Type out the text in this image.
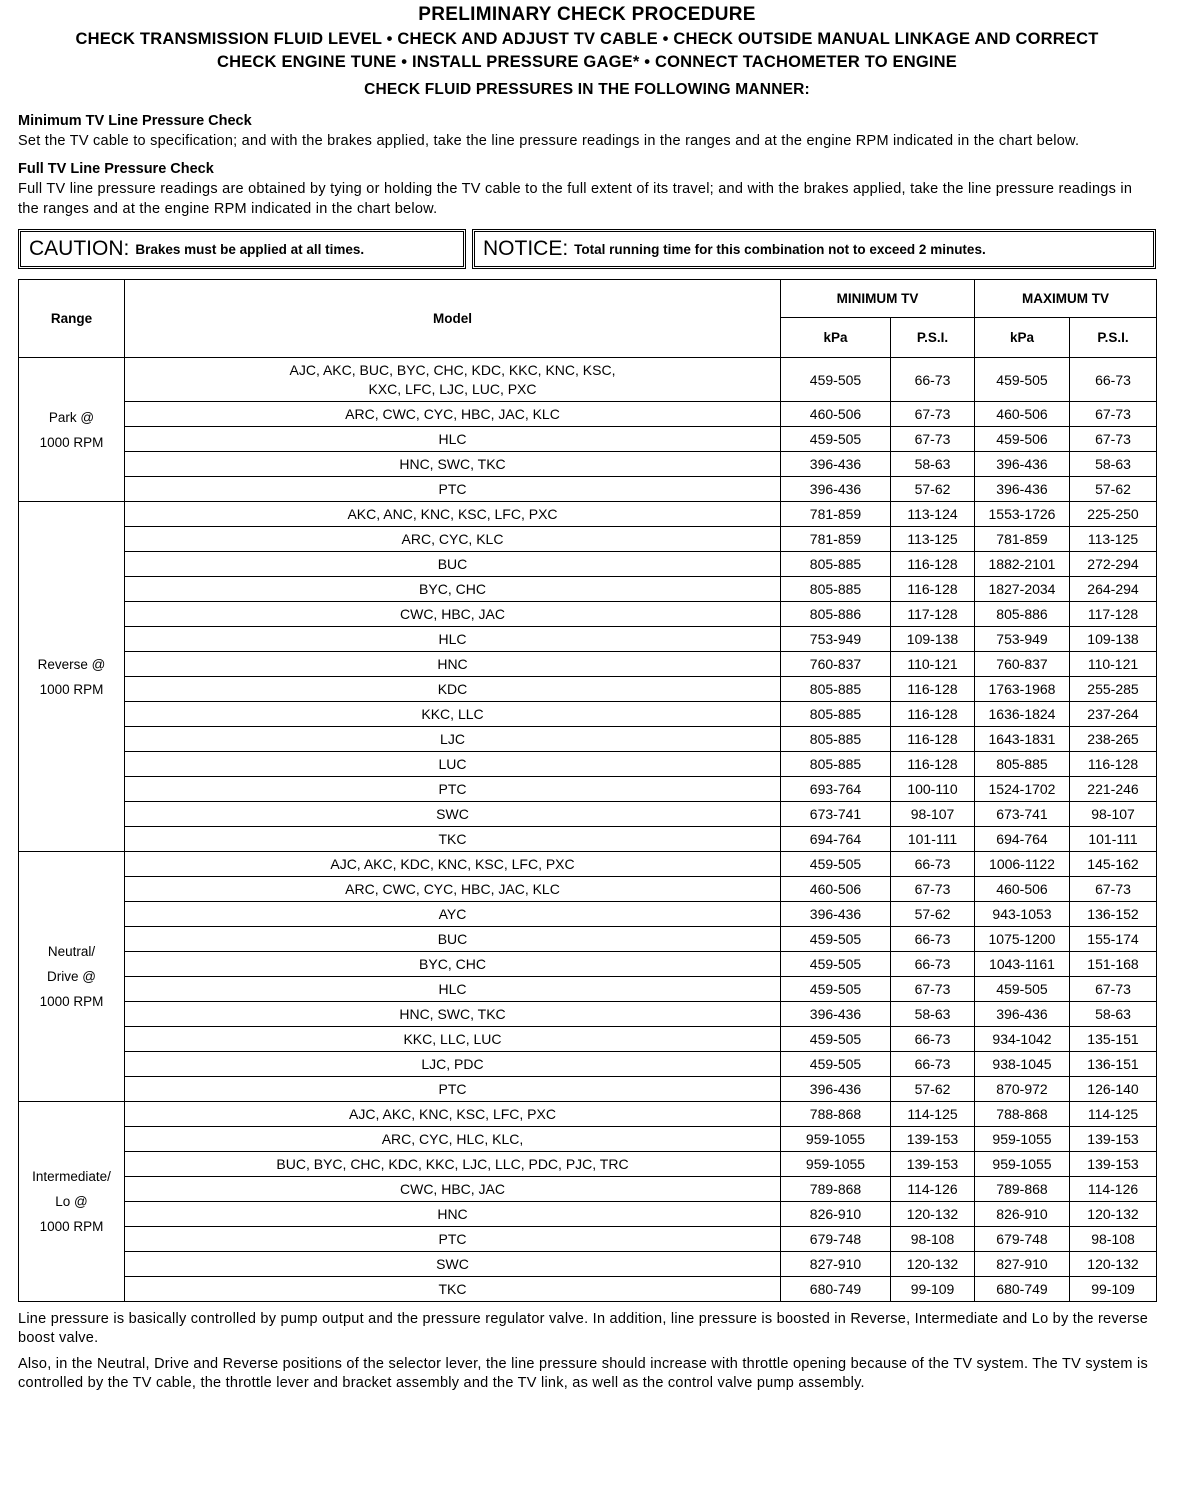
PRELIMINARY CHECK PROCEDURE
CHECK TRANSMISSION FLUID LEVEL • CHECK AND ADJUST TV CABLE • CHECK OUTSIDE MANUAL LINKAGE AND CORRECT
CHECK ENGINE TUNE • INSTALL PRESSURE GAGE* • CONNECT TACHOMETER TO ENGINE
CHECK FLUID PRESSURES IN THE FOLLOWING MANNER:
Minimum TV Line Pressure Check
Set the TV cable to specification; and with the brakes applied, take the line pressure readings in the ranges and at the engine RPM indicated in the chart below.
Full TV Line Pressure Check
Full TV line pressure readings are obtained by tying or holding the TV cable to the full extent of its travel; and with the brakes applied, take the line pressure readings in the ranges and at the engine RPM indicated in the chart below.
CAUTION: Brakes must be applied at all times.	NOTICE: Total running time for this combination not to exceed 2 minutes.
Range	Model	MINIMUM TV		MAXIMUM TV	
		kPa	P.S.I.	kPa	P.S.I.
Park @
1000 RPM	AJC, AKC, BUC, BYC, CHC, KDC, KKC, KNC, KSC,
KXC, LFC, LJC, LUC, PXC	459-505	66-73	459-505	66-73
	ARC, CWC, CYC, HBC, JAC, KLC	460-506	67-73	460-506	67-73
	HLC	459-505	67-73	459-506	67-73
	HNC, SWC, TKC	396-436	58-63	396-436	58-63
	PTC	396-436	57-62	396-436	57-62
Reverse @
1000 RPM	AKC, ANC, KNC, KSC, LFC, PXC	781-859	113-124	1553-1726	225-250
	ARC, CYC, KLC	781-859	113-125	781-859	113-125
	BUC	805-885	116-128	1882-2101	272-294
	BYC, CHC	805-885	116-128	1827-2034	264-294
	CWC, HBC, JAC	805-886	117-128	805-886	117-128
	HLC	753-949	109-138	753-949	109-138
	HNC	760-837	110-121	760-837	110-121
	KDC	805-885	116-128	1763-1968	255-285
	KKC, LLC	805-885	116-128	1636-1824	237-264
	LJC	805-885	116-128	1643-1831	238-265
	LUC	805-885	116-128	805-885	116-128
	PTC	693-764	100-110	1524-1702	221-246
	SWC	673-741	98-107	673-741	98-107
	TKC	694-764	101-111	694-764	101-111
Neutral/
Drive @
1000 RPM	AJC, AKC, KDC, KNC, KSC, LFC, PXC	459-505	66-73	1006-1122	145-162
	ARC, CWC, CYC, HBC, JAC, KLC	460-506	67-73	460-506	67-73
	AYC	396-436	57-62	943-1053	136-152
	BUC	459-505	66-73	1075-1200	155-174
	BYC, CHC	459-505	66-73	1043-1161	151-168
	HLC	459-505	67-73	459-505	67-73
	HNC, SWC, TKC	396-436	58-63	396-436	58-63
	KKC, LLC, LUC	459-505	66-73	934-1042	135-151
	LJC, PDC	459-505	66-73	938-1045	136-151
	PTC	396-436	57-62	870-972	126-140
Intermediate/
Lo @
1000 RPM	AJC, AKC, KNC, KSC, LFC, PXC	788-868	114-125	788-868	114-125
	ARC, CYC, HLC, KLC,	959-1055	139-153	959-1055	139-153
	BUC, BYC, CHC, KDC, KKC, LJC, LLC, PDC, PJC, TRC	959-1055	139-153	959-1055	139-153
	CWC, HBC, JAC	789-868	114-126	789-868	114-126
	HNC	826-910	120-132	826-910	120-132
	PTC	679-748	98-108	679-748	98-108
	SWC	827-910	120-132	827-910	120-132
	TKC	680-749	99-109	680-749	99-109

Line pressure is basically controlled by pump output and the pressure regulator valve. In addition, line pressure is boosted in Reverse, Intermediate and Lo by the reverse boost valve.

Also, in the Neutral, Drive and Reverse positions of the selector lever, the line pressure should increase with throttle opening because of the TV system. The TV system is controlled by the TV cable, the throttle lever and bracket assembly and the TV link, as well as the control valve pump assembly.
